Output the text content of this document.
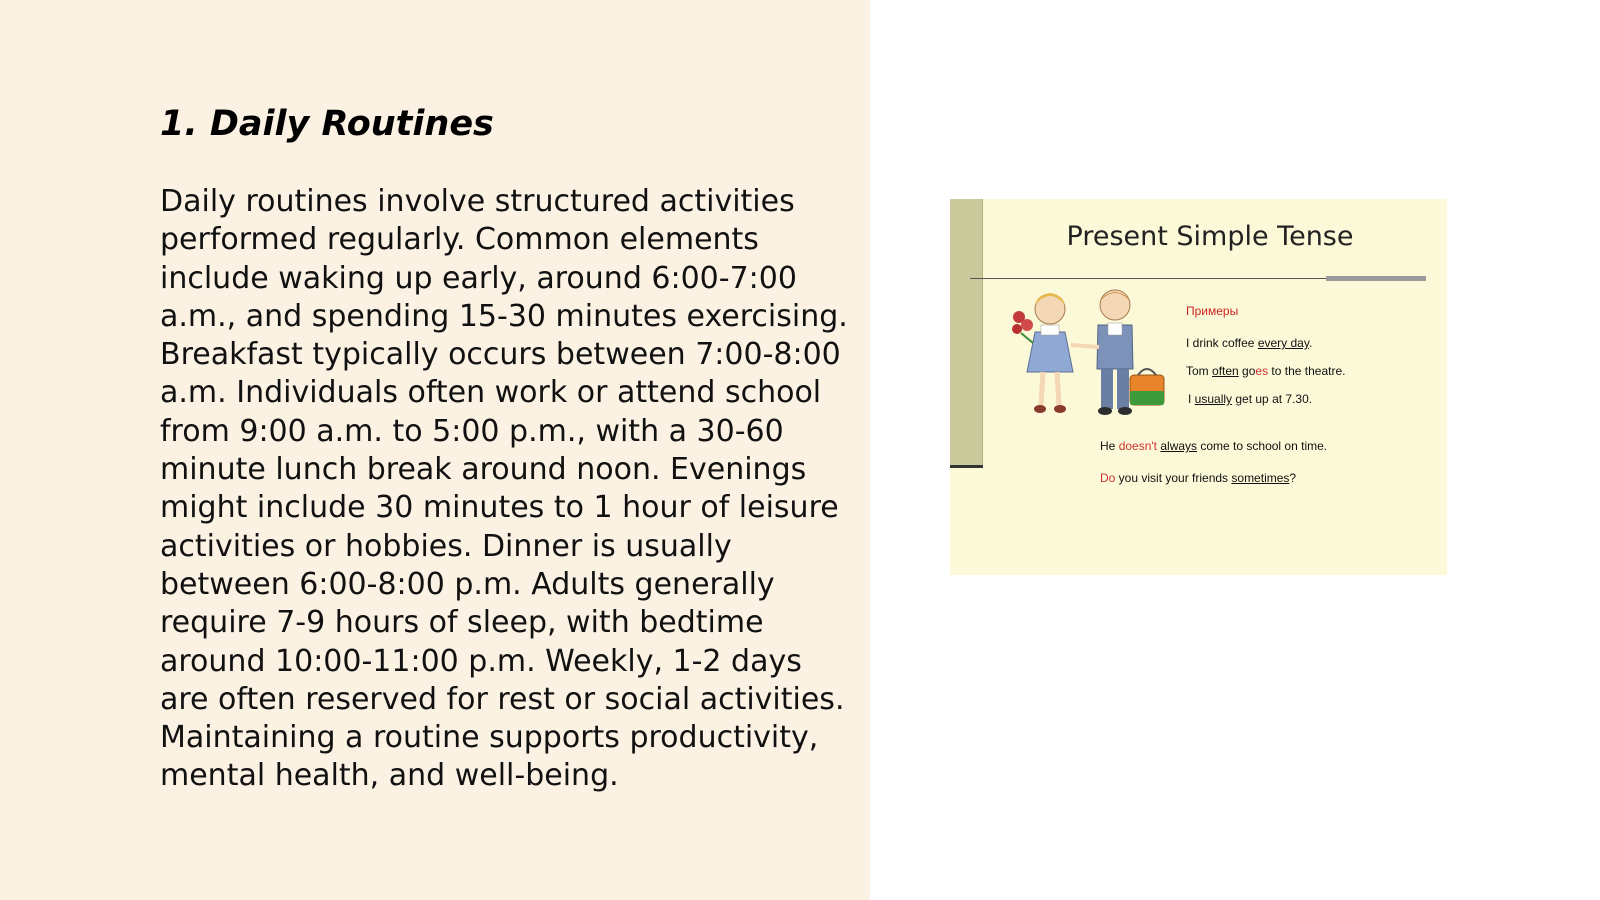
1. Daily Routines

Daily routines involve structured activities performed regularly. Common elements include waking up early, around 6:00-7:00 a.m., and spending 15-30 minutes exercising. Breakfast typically occurs between 7:00-8:00 a.m. Individuals often work or attend school from 9:00 a.m. to 5:00 p.m., with a 30-60 minute lunch break around noon. Evenings might include 30 minutes to 1 hour of leisure activities or hobbies. Dinner is usually between 6:00-8:00 p.m. Adults generally require 7-9 hours of sleep, with bedtime around 10:00-11:00 p.m. Weekly, 1-2 days are often reserved for rest or social activities. Maintaining a routine supports productivity, mental health, and well-being.

Present Simple Tense
Примеры
I drink coffee every day.
Tom often goes to the theatre.
I usually get up at 7.30.
He doesn't always come to school on time.
Do you visit your friends sometimes?
